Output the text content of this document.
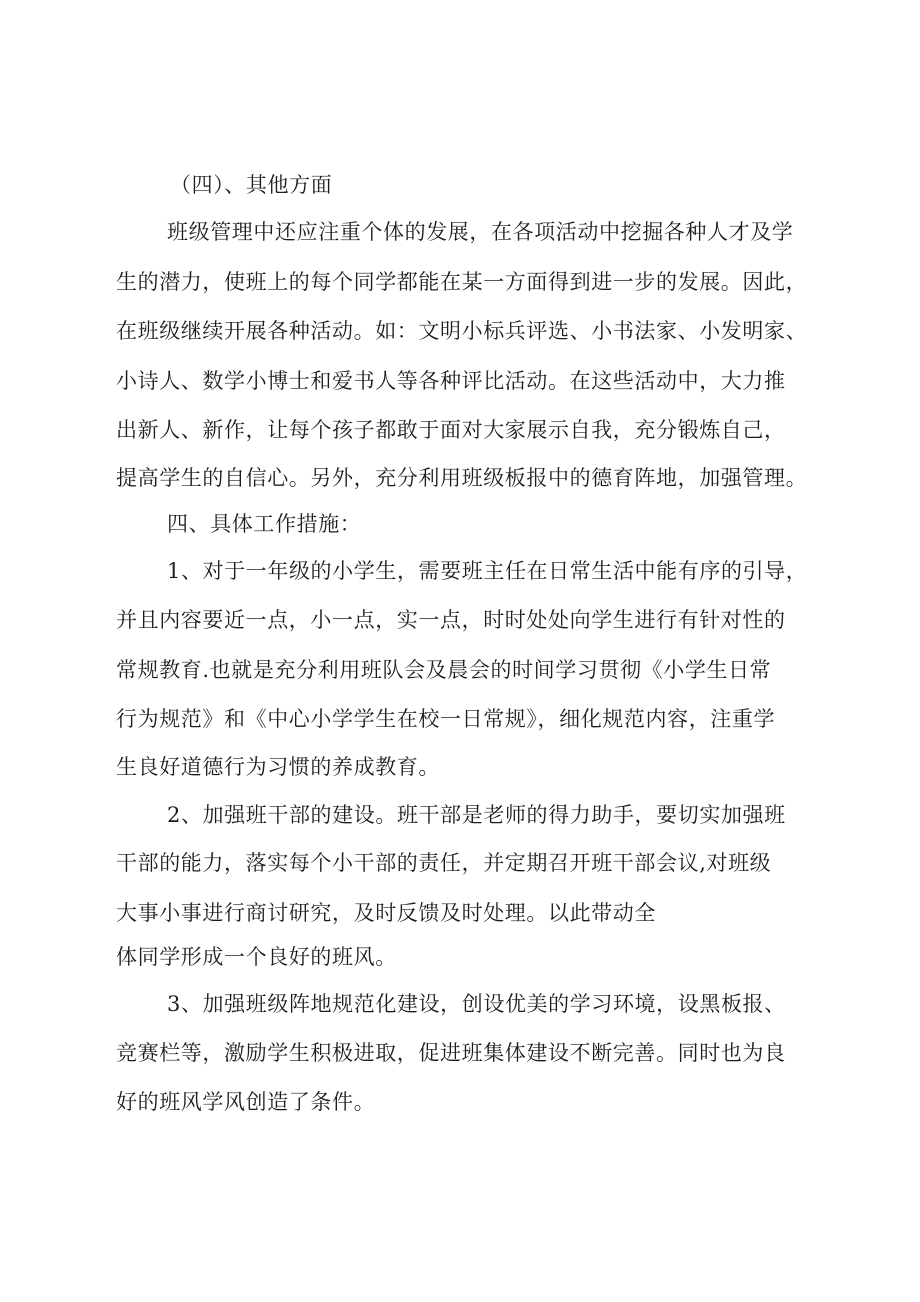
（四）、其他方面
班级管理中还应注重个体的发展，在各项活动中挖掘各种人才及学
生的潜力，使班上的每个同学都能在某一方面得到进一步的发展。因此，
在班级继续开展各种活动。如：文明小标兵评选、小书法家、小发明家、
小诗人、数学小博士和爱书人等各种评比活动。在这些活动中，大力推
出新人、新作，让每个孩子都敢于面对大家展示自我，充分锻炼自己，
提高学生的自信心。另外，充分利用班级板报中的德育阵地，加强管理。
四、具体工作措施：
1、对于一年级的小学生，需要班主任在日常生活中能有序的引导，
并且内容要近一点，小一点，实一点，时时处处向学生进行有针对性的
常规教育.也就是充分利用班队会及晨会的时间学习贯彻《小学生日常
行为规范》和《中心小学学生在校一日常规》，细化规范内容，注重学
生良好道德行为习惯的养成教育。
2、加强班干部的建设。班干部是老师的得力助手，要切实加强班
干部的能力，落实每个小干部的责任，并定期召开班干部会议,对班级
大事小事进行商讨研究，及时反馈及时处理。以此带动全
体同学形成一个良好的班风。
3、加强班级阵地规范化建设，创设优美的学习环境，设黑板报、
竞赛栏等，激励学生积极进取，促进班集体建设不断完善。同时也为良
好的班风学风创造了条件。
